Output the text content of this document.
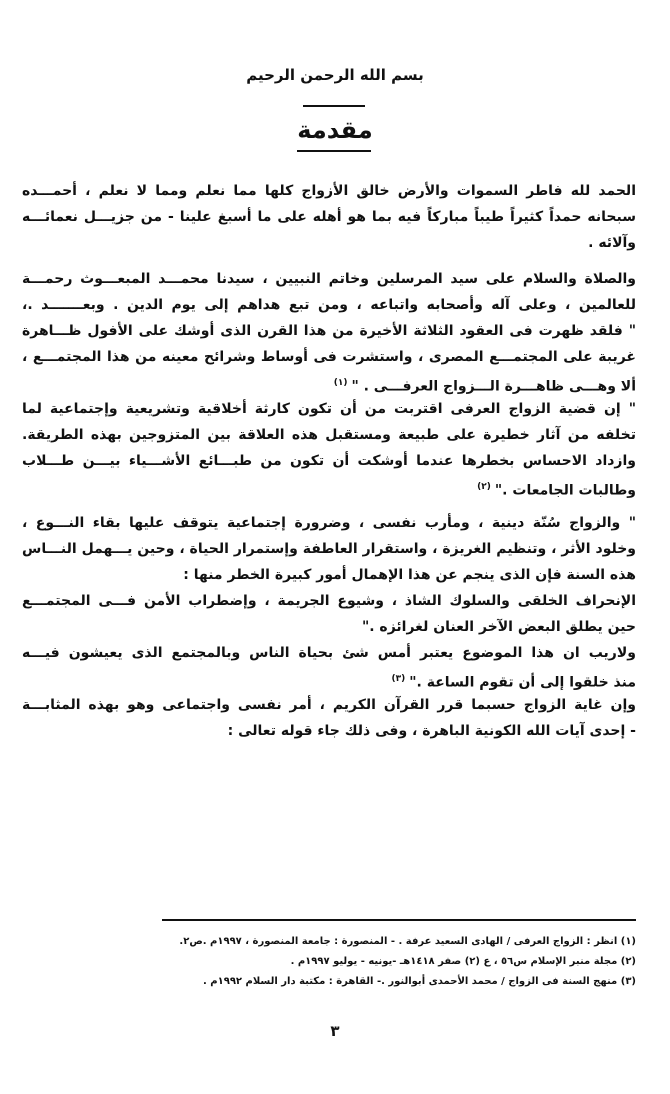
بسم الله الرحمن الرحيم
مقدمة
الحمد لله فاطر السموات والأرض خالق الأزواج كلها مما نعلم ومما لا نعلم ، أحمـــده
سبحانه حمداً كثيراً طيباً مباركاً فيه بما هو أهله على ما أسبغ علينا - من جزيـــل نعمائـــه
وآلائه .
والصلاة والسلام على سيد المرسلين وخاتم النبيين ، سيدنا محمـــد المبعـــوث رحمـــة
للعالمين ، وعلى آله وأصحابه واتباعه ، ومن تبع هداهم إلى يوم الدين . وبعـــــــد .،
" فلقد ظهرت فى العقود الثلاثة الأخيرة من هذا القرن الذى أوشك على الأفول ظـــاهرة
غريبة على المجتمـــع المصرى ، واستشرت فى أوساط وشرائح معينه من هذا المجتمـــع ،
ألا وهـــى ظاهـــرة الـــزواج العرفـــى . "$^{(١)}$
" إن قضية الزواج العرفى اقتربت من أن تكون كارثة أخلاقية وتشريعية وإجتماعية لما
تخلفه من آثار خطيرة على طبيعة ومستقبل هذه العلاقة بين المتزوجين بهذه الطريقة.
وازداد الاحساس بخطرها عندما أوشكت أن تكون من طبـــائع الأشـــياء بيـــن طـــلاب
وطالبات الجامعات ."$^{(٢)}$
" والزواج سُنّة دينية ، ومأرب نفسى ، وضرورة إجتماعية يتوقف عليها بقاء النـــوع ،
وخلود الأثر ، وتنظيم الغريزة ، واستقرار العاطفة وإستمرار الحياة ، وحين يـــهمل النـــاس
هذه السنة فإن الذى ينجم عن هذا الإهمال أمور كبيرة الخطر منها :
الإنحراف الخلقى والسلوك الشاذ ، وشيوع الجريمة ، وإضطراب الأمن فـــى المجتمـــع
حين يطلق البعض الآخر العنان لغرائزه ."
ولاريب ان هذا الموضوع يعتبر أمس شئ بحياة الناس وبالمجتمع الذى يعيشون فيـــه
منذ خلقوا إلى أن تقوم الساعة ."$^{(٣)}$
وإن غاية الزواج حسبما قرر القرآن الكريم ، أمر نفسى واجتماعى وهو بهذه المثابـــة
- إحدى آيات الله الكونية الباهرة ، وفى ذلك جاء قوله تعالى :
(١) انظر : الزواج العرفى / الهادى السعيد عرفة . - المنصورة : جامعة المنصورة ، ١٩٩٧م .ص٢.
(٢) مجلة منبر الإسلام س٥٦ ، ع (٢) صفر ١٤١٨هـ -يونيه - يوليو ١٩٩٧م .
(٣) منهج السنة فى الزواج / محمد الأحمدى أبوالنور .- القاهرة : مكتبة دار السلام ١٩٩٢م .
٣
